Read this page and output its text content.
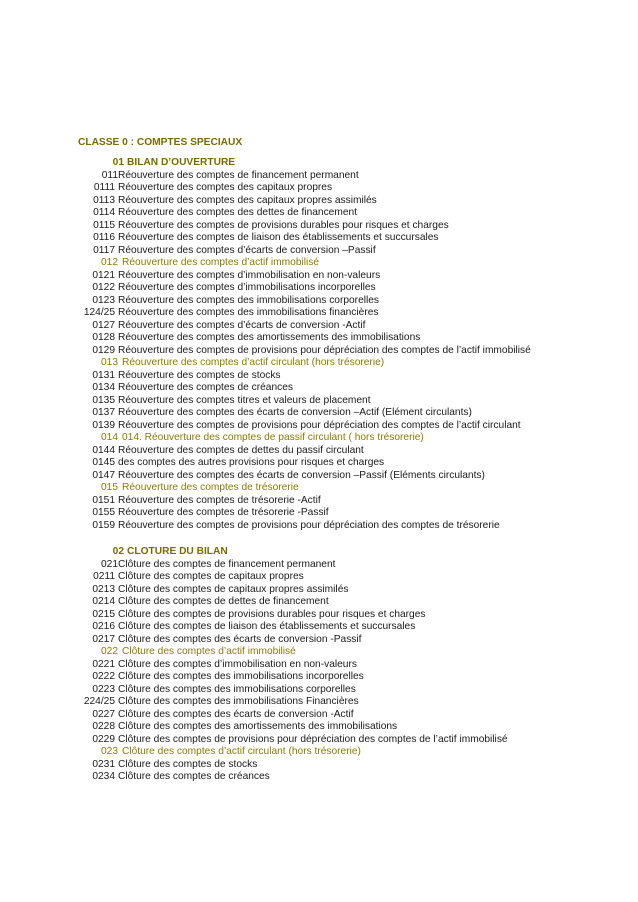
CLASSE 0 : COMPTES SPECIAUX
01 BILAN D’OUVERTURE
011 Réouverture des comptes de financement permanent
0111 Réouverture des comptes des capitaux propres
0113 Réouverture des comptes des capitaux propres assimilés
0114 Réouverture des comptes des dettes de financement
0115 Réouverture des comptes de provisions durables pour risques et charges
0116 Réouverture des comptes de liaison des établissements et succursales
0117 Réouverture des comptes d’écarts de conversion –Passif
012 Réouverture des comptes d’actif immobilisé
0121 Réouverture des comptes d’immobilisation en non-valeurs
0122 Réouverture des comptes d’immobilisations incorporelles
0123 Réouverture des comptes des immobilisations corporelles
124/25 Réouverture des comptes des immobilisations financières
0127 Réouverture des comptes d’écarts de conversion -Actif
0128 Réouverture des comptes des amortissements des immobilisations
0129 Réouverture des comptes de provisions pour dépréciation des comptes de l’actif immobilisé
013 Réouverture des comptes d’actif circulant (hors trésorerie)
0131 Réouverture des comptes de stocks
0134 Réouverture des comptes de créances
0135 Réouverture des comptes titres et valeurs de placement
0137 Réouverture des comptes des écarts de conversion –Actif (Elément circulants)
0139 Réouverture des comptes de provisions pour dépréciation des comptes de l’actif circulant
014 014. Réouverture des comptes de passif circulant ( hors trésorerie)
0144 Réouverture des comptes de dettes du passif circulant
0145 des comptes des autres provisions pour risques et charges
0147 Réouverture des comptes des écarts de conversion –Passif (Eléments circulants)
015 Réouverture des comptes de trésorerie
0151 Réouverture des comptes de trésorerie -Actif
0155 Réouverture des comptes de trésorerie -Passif
0159 Réouverture des comptes de provisions pour dépréciation des comptes de trésorerie
02 CLOTURE DU BILAN
021 Clôture des comptes de financement permanent
0211 Clôture des comptes de capitaux propres
0213 Clôture des comptes de capitaux propres assimilés
0214 Clôture des comptes de dettes de financement
0215 Clôture des comptes de provisions durables pour risques et charges
0216 Clôture des comptes de liaison des établissements et succursales
0217 Clôture des comptes des écarts de conversion -Passif
022 Clôture des comptes d’actif immobilisé
0221 Clôture des comptes d’immobilisation en non-valeurs
0222 Clôture des comptes des immobilisations incorporelles
0223 Clôture des comptes des immobilisations corporelles
224/25 Clôture des comptes des immobilisations Financières
0227 Clôture des comptes des écarts de conversion -Actif
0228 Clôture des comptes des amortissements des immobilisations
0229 Clôture des comptes de provisions pour dépréciation des comptes de l’actif immobilisé
023 Clôture des comptes d’actif circulant (hors trésorerie)
0231 Clôture des comptes de stocks
0234 Clôture des comptes de créances
